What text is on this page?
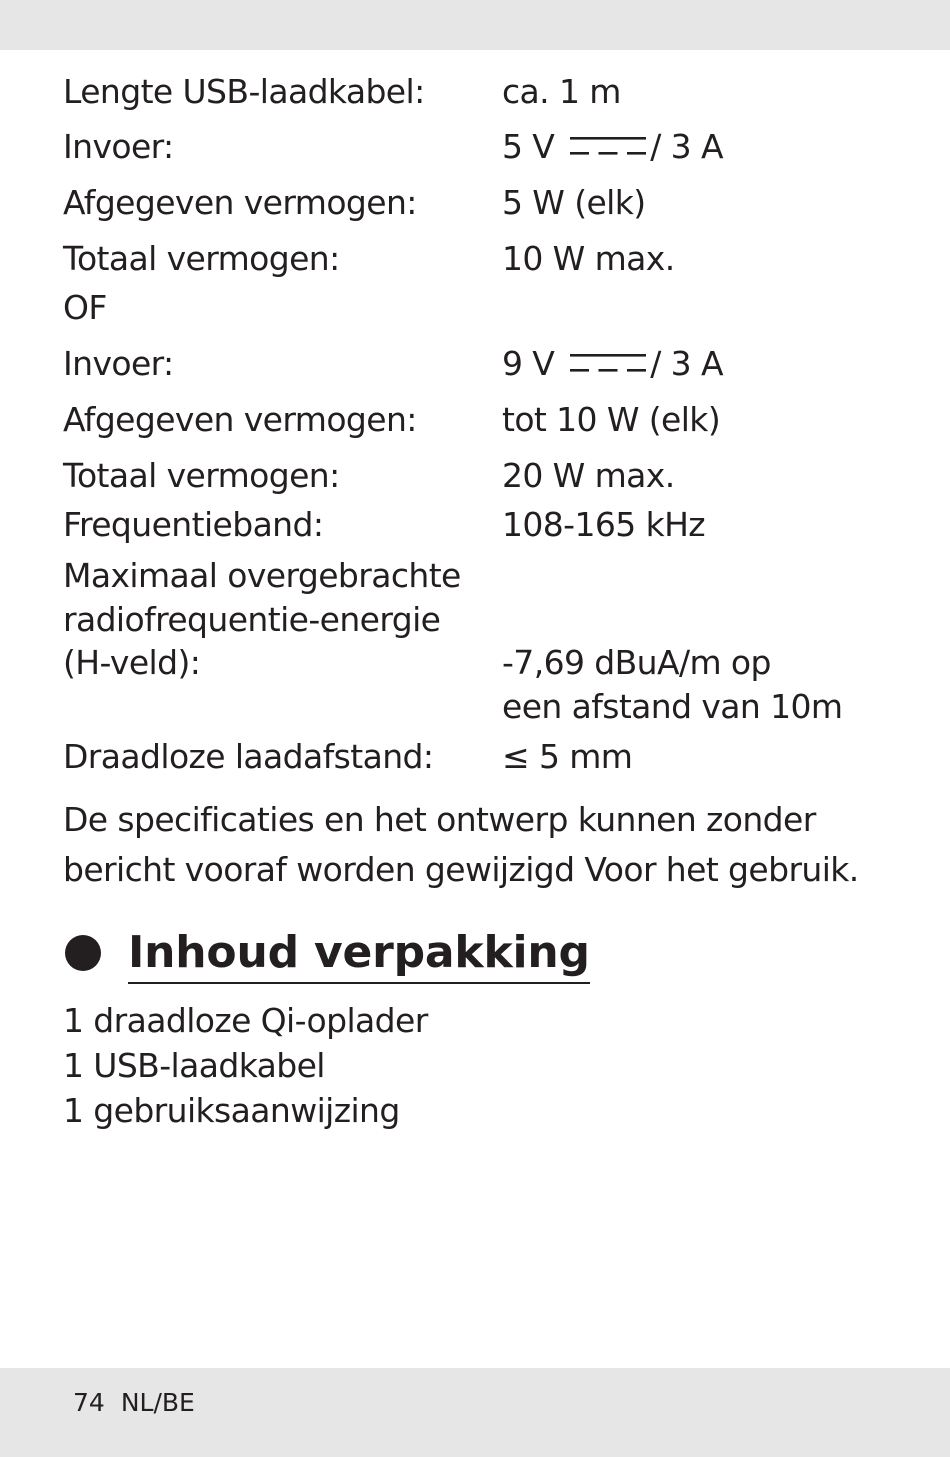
Lengte USB-laadkabel: ca. 1 m
Invoer:	5 V	/ 3 A
Afgegeven vermogen:	5 W (elk)
Totaal vermogen:	10 W max.
OF
Invoer:	9 V	/ 3 A
Afgegeven vermogen:	tot 10 W (elk)
Totaal vermogen:	20 W max.
Frequentieband:	108-165 kHz
Maximaal overgebrachte
radiofrequentie-energie
(H-veld):	-7,69 dBuA/m op
een afstand van 10m
Draadloze laadafstand: ≤ 5 mm
De specificaties en het ontwerp kunnen zonder
bericht vooraf worden gewijzigd Voor het gebruik.
Inhoud verpakking
1 draadloze Qi-oplader
1 USB-laadkabel
1 gebruiksaanwijzing
74 NL/BE
